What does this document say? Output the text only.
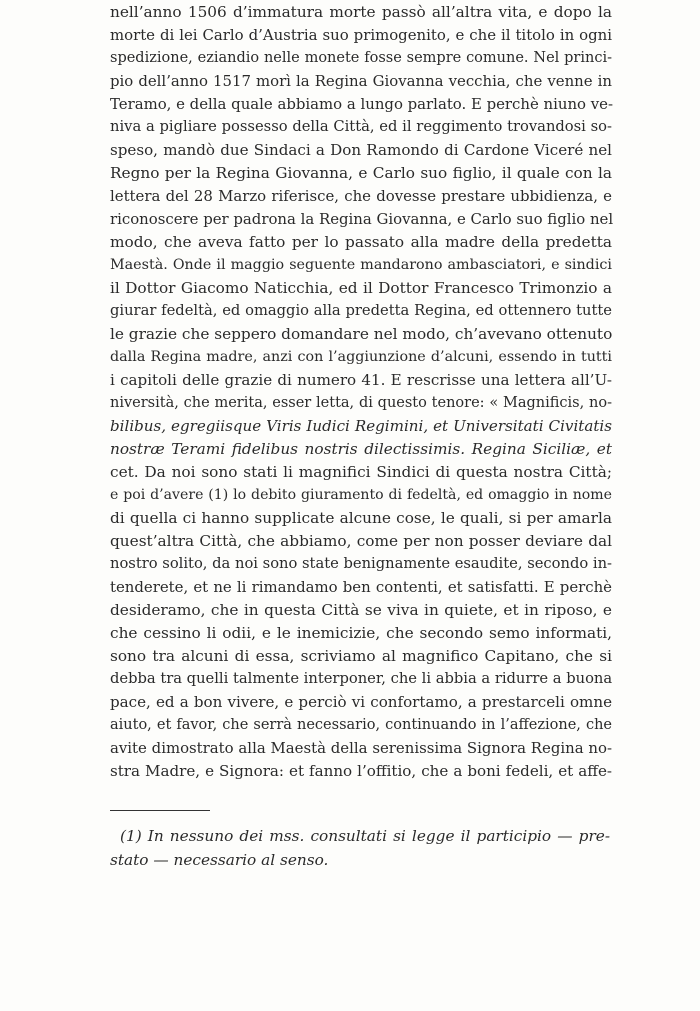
nell’anno 1506 d’immatura morte passò all’altra vita, e dopo la
morte di lei Carlo d’Austria suo primogenito, e che il titolo in ogni
spedizione, eziandio nelle monete fosse sempre comune. Nel princi-
pio dell’anno 1517 morì la Regina Giovanna vecchia, che venne in
Teramo, e della quale abbiamo a lungo parlato. E perchè niuno ve-
niva a pigliare possesso della Città, ed il reggimento trovandosi so-
speso, mandò due Sindaci a Don Ramondo di Cardone Viceré nel
Regno per la Regina Giovanna, e Carlo suo figlio, il quale con la
lettera del 28 Marzo riferisce, che dovesse prestare ubbidienza, e
riconoscere per padrona la Regina Giovanna, e Carlo suo figlio nel
modo, che aveva fatto per lo passato alla madre della predetta
Maestà. Onde il maggio seguente mandarono ambasciatori, e sindici
il Dottor Giacomo Naticchia, ed il Dottor Francesco Trimonzio a
giurar fedeltà, ed omaggio alla predetta Regina, ed ottennero tutte
le grazie che seppero domandare nel modo, ch’avevano ottenuto
dalla Regina madre, anzi con l’aggiunzione d’alcuni, essendo in tutti
i capitoli delle grazie di numero 41. E rescrisse una lettera all’U-
niversità, che merita, esser letta, di questo tenore: « Magnificis, no-
bilibus, egregiisque Viris Iudici Regimini, et Universitati Civitatis
nostræ Terami fidelibus nostris dilectissimis. Regina Siciliæ, et
cet. Da noi sono stati li magnifici Sindici di questa nostra Città;
e poi d’avere (1) lo debito giuramento di fedeltà, ed omaggio in nome
di quella ci hanno supplicate alcune cose, le quali, si per amarla
quest’altra Città, che abbiamo, come per non posser deviare dal
nostro solito, da noi sono state benignamente esaudite, secondo in-
tenderete, et ne li rimandamo ben contenti, et satisfatti. E perchè
desideramo, che in questa Città se viva in quiete, et in riposo, e
che cessino li odii, e le inemicizie, che secondo semo informati,
sono tra alcuni di essa, scriviamo al magnifico Capitano, che si
debba tra quelli talmente interponer, che li abbia a ridurre a buona
pace, ed a bon vivere, e perciò vi confortamo, a prestarceli omne
aiuto, et favor, che serrà necessario, continuando in l’affezione, che
avite dimostrato alla Maestà della serenissima Signora Regina no-
stra Madre, e Signora: et fanno l’offitio, che a boni fedeli, et affe-
(1) In nessuno dei mss. consultati si legge il participio — pre-
stato — necessario al senso.
